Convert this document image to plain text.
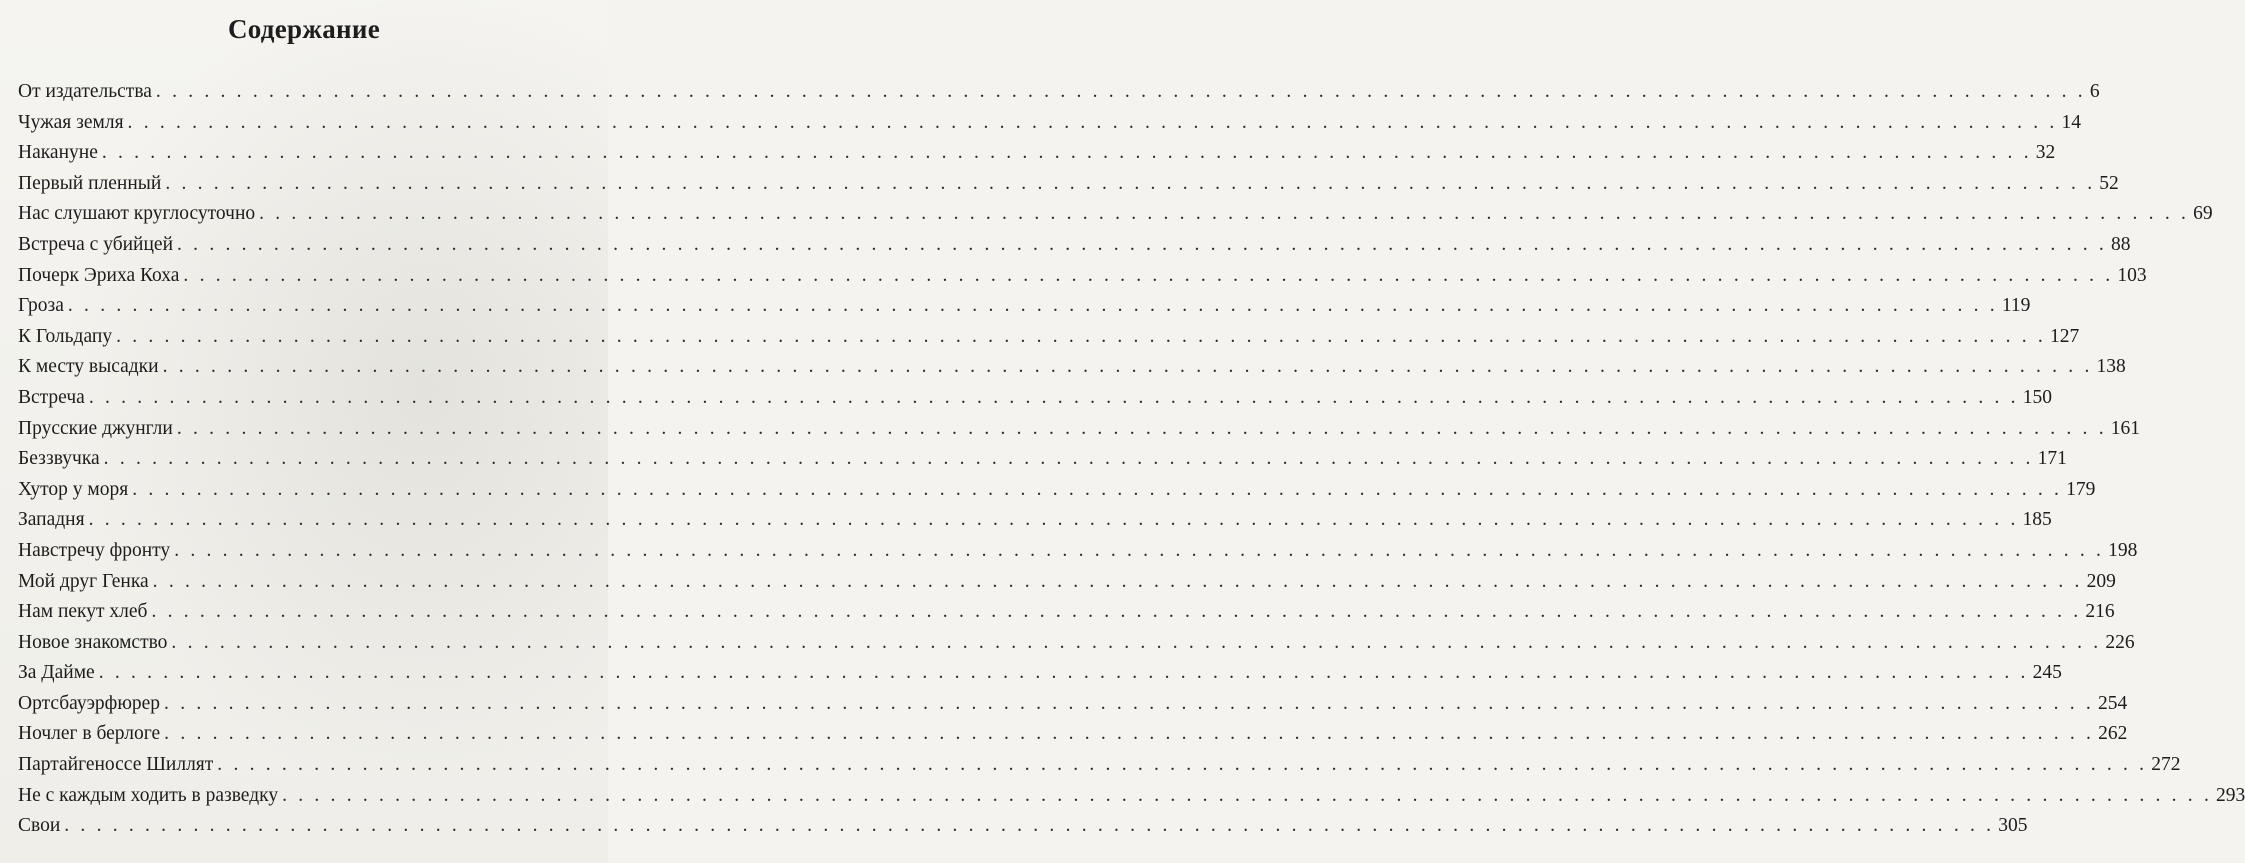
Содержание
От издательства . . . . . . . . . . . . . . . . . . . . . . . . . . . . . . . . . . . . . . . . . . . . . . . . . . . . . . . . . . . . . . . . . . . . . . . . . . . . . . . . . . . . . . . . . . . . . . . . . . . . . . . . . . . . . . . . . . . . . . . . 6
Чужая земля . . . . . . . . . . . . . . . . . . . . . . . . . . . . . . . . . . . . . . . . . . . . . . . . . . . . . . . . . . . . . . . . . . . . . . . . . . . . . . . . . . . . . . . . . . . . . . . . . . . . . . . . . . . . . . . . . . . . . . . . 14
Накануне . . . . . . . . . . . . . . . . . . . . . . . . . . . . . . . . . . . . . . . . . . . . . . . . . . . . . . . . . . . . . . . . . . . . . . . . . . . . . . . . . . . . . . . . . . . . . . . . . . . . . . . . . . . . . . . . . . . . . . . . 32
Первый пленный . . . . . . . . . . . . . . . . . . . . . . . . . . . . . . . . . . . . . . . . . . . . . . . . . . . . . . . . . . . . . . . . . . . . . . . . . . . . . . . . . . . . . . . . . . . . . . . . . . . . . . . . . . . . . . . . . . . . . . . . 52
Нас слушают круглосуточно . . . . . . . . . . . . . . . . . . . . . . . . . . . . . . . . . . . . . . . . . . . . . . . . . . . . . . . . . . . . . . . . . . . . . . . . . . . . . . . . . . . . . . . . . . . . . . . . . . . . . . . . . . . . . . . . . . . . . . . . 69
Встреча с убийцей . . . . . . . . . . . . . . . . . . . . . . . . . . . . . . . . . . . . . . . . . . . . . . . . . . . . . . . . . . . . . . . . . . . . . . . . . . . . . . . . . . . . . . . . . . . . . . . . . . . . . . . . . . . . . . . . . . . . . . . . 88
Почерк Эриха Коха . . . . . . . . . . . . . . . . . . . . . . . . . . . . . . . . . . . . . . . . . . . . . . . . . . . . . . . . . . . . . . . . . . . . . . . . . . . . . . . . . . . . . . . . . . . . . . . . . . . . . . . . . . . . . . . . . . . . . . . . 103
Гроза . . . . . . . . . . . . . . . . . . . . . . . . . . . . . . . . . . . . . . . . . . . . . . . . . . . . . . . . . . . . . . . . . . . . . . . . . . . . . . . . . . . . . . . . . . . . . . . . . . . . . . . . . . . . . . . . . . . . . . . . 119
К Гольдапу . . . . . . . . . . . . . . . . . . . . . . . . . . . . . . . . . . . . . . . . . . . . . . . . . . . . . . . . . . . . . . . . . . . . . . . . . . . . . . . . . . . . . . . . . . . . . . . . . . . . . . . . . . . . . . . . . . . . . . . . 127
К месту высадки . . . . . . . . . . . . . . . . . . . . . . . . . . . . . . . . . . . . . . . . . . . . . . . . . . . . . . . . . . . . . . . . . . . . . . . . . . . . . . . . . . . . . . . . . . . . . . . . . . . . . . . . . . . . . . . . . . . . . . . . 138
Встреча . . . . . . . . . . . . . . . . . . . . . . . . . . . . . . . . . . . . . . . . . . . . . . . . . . . . . . . . . . . . . . . . . . . . . . . . . . . . . . . . . . . . . . . . . . . . . . . . . . . . . . . . . . . . . . . . . . . . . . . . 150
Прусские джунгли . . . . . . . . . . . . . . . . . . . . . . . . . . . . . . . . . . . . . . . . . . . . . . . . . . . . . . . . . . . . . . . . . . . . . . . . . . . . . . . . . . . . . . . . . . . . . . . . . . . . . . . . . . . . . . . . . . . . . . . . 161
Беззвучка . . . . . . . . . . . . . . . . . . . . . . . . . . . . . . . . . . . . . . . . . . . . . . . . . . . . . . . . . . . . . . . . . . . . . . . . . . . . . . . . . . . . . . . . . . . . . . . . . . . . . . . . . . . . . . . . . . . . . . . . 171
Хутор у моря . . . . . . . . . . . . . . . . . . . . . . . . . . . . . . . . . . . . . . . . . . . . . . . . . . . . . . . . . . . . . . . . . . . . . . . . . . . . . . . . . . . . . . . . . . . . . . . . . . . . . . . . . . . . . . . . . . . . . . . . 179
Западня . . . . . . . . . . . . . . . . . . . . . . . . . . . . . . . . . . . . . . . . . . . . . . . . . . . . . . . . . . . . . . . . . . . . . . . . . . . . . . . . . . . . . . . . . . . . . . . . . . . . . . . . . . . . . . . . . . . . . . . . 185
Навстречу фронту . . . . . . . . . . . . . . . . . . . . . . . . . . . . . . . . . . . . . . . . . . . . . . . . . . . . . . . . . . . . . . . . . . . . . . . . . . . . . . . . . . . . . . . . . . . . . . . . . . . . . . . . . . . . . . . . . . . . . . . . 198
Мой друг Генка . . . . . . . . . . . . . . . . . . . . . . . . . . . . . . . . . . . . . . . . . . . . . . . . . . . . . . . . . . . . . . . . . . . . . . . . . . . . . . . . . . . . . . . . . . . . . . . . . . . . . . . . . . . . . . . . . . . . . . . . 209
Нам пекут хлеб . . . . . . . . . . . . . . . . . . . . . . . . . . . . . . . . . . . . . . . . . . . . . . . . . . . . . . . . . . . . . . . . . . . . . . . . . . . . . . . . . . . . . . . . . . . . . . . . . . . . . . . . . . . . . . . . . . . . . . . . 216
Новое знакомство . . . . . . . . . . . . . . . . . . . . . . . . . . . . . . . . . . . . . . . . . . . . . . . . . . . . . . . . . . . . . . . . . . . . . . . . . . . . . . . . . . . . . . . . . . . . . . . . . . . . . . . . . . . . . . . . . . . . . . . . 226
За Дайме . . . . . . . . . . . . . . . . . . . . . . . . . . . . . . . . . . . . . . . . . . . . . . . . . . . . . . . . . . . . . . . . . . . . . . . . . . . . . . . . . . . . . . . . . . . . . . . . . . . . . . . . . . . . . . . . . . . . . . . . 245
Ортсбауэрфюрер . . . . . . . . . . . . . . . . . . . . . . . . . . . . . . . . . . . . . . . . . . . . . . . . . . . . . . . . . . . . . . . . . . . . . . . . . . . . . . . . . . . . . . . . . . . . . . . . . . . . . . . . . . . . . . . . . . . . . . . . 254
Ночлег в берлоге . . . . . . . . . . . . . . . . . . . . . . . . . . . . . . . . . . . . . . . . . . . . . . . . . . . . . . . . . . . . . . . . . . . . . . . . . . . . . . . . . . . . . . . . . . . . . . . . . . . . . . . . . . . . . . . . . . . . . . . . 262
Партайгеноссе Шиллят . . . . . . . . . . . . . . . . . . . . . . . . . . . . . . . . . . . . . . . . . . . . . . . . . . . . . . . . . . . . . . . . . . . . . . . . . . . . . . . . . . . . . . . . . . . . . . . . . . . . . . . . . . . . . . . . . . . . . . . . 272
Не с каждым ходить в разведку . . . . . . . . . . . . . . . . . . . . . . . . . . . . . . . . . . . . . . . . . . . . . . . . . . . . . . . . . . . . . . . . . . . . . . . . . . . . . . . . . . . . . . . . . . . . . . . . . . . . . . . . . . . . . . . . . . . . . . . . 293
Свои . . . . . . . . . . . . . . . . . . . . . . . . . . . . . . . . . . . . . . . . . . . . . . . . . . . . . . . . . . . . . . . . . . . . . . . . . . . . . . . . . . . . . . . . . . . . . . . . . . . . . . . . . . . . . . . . . . . . . . . . 305
